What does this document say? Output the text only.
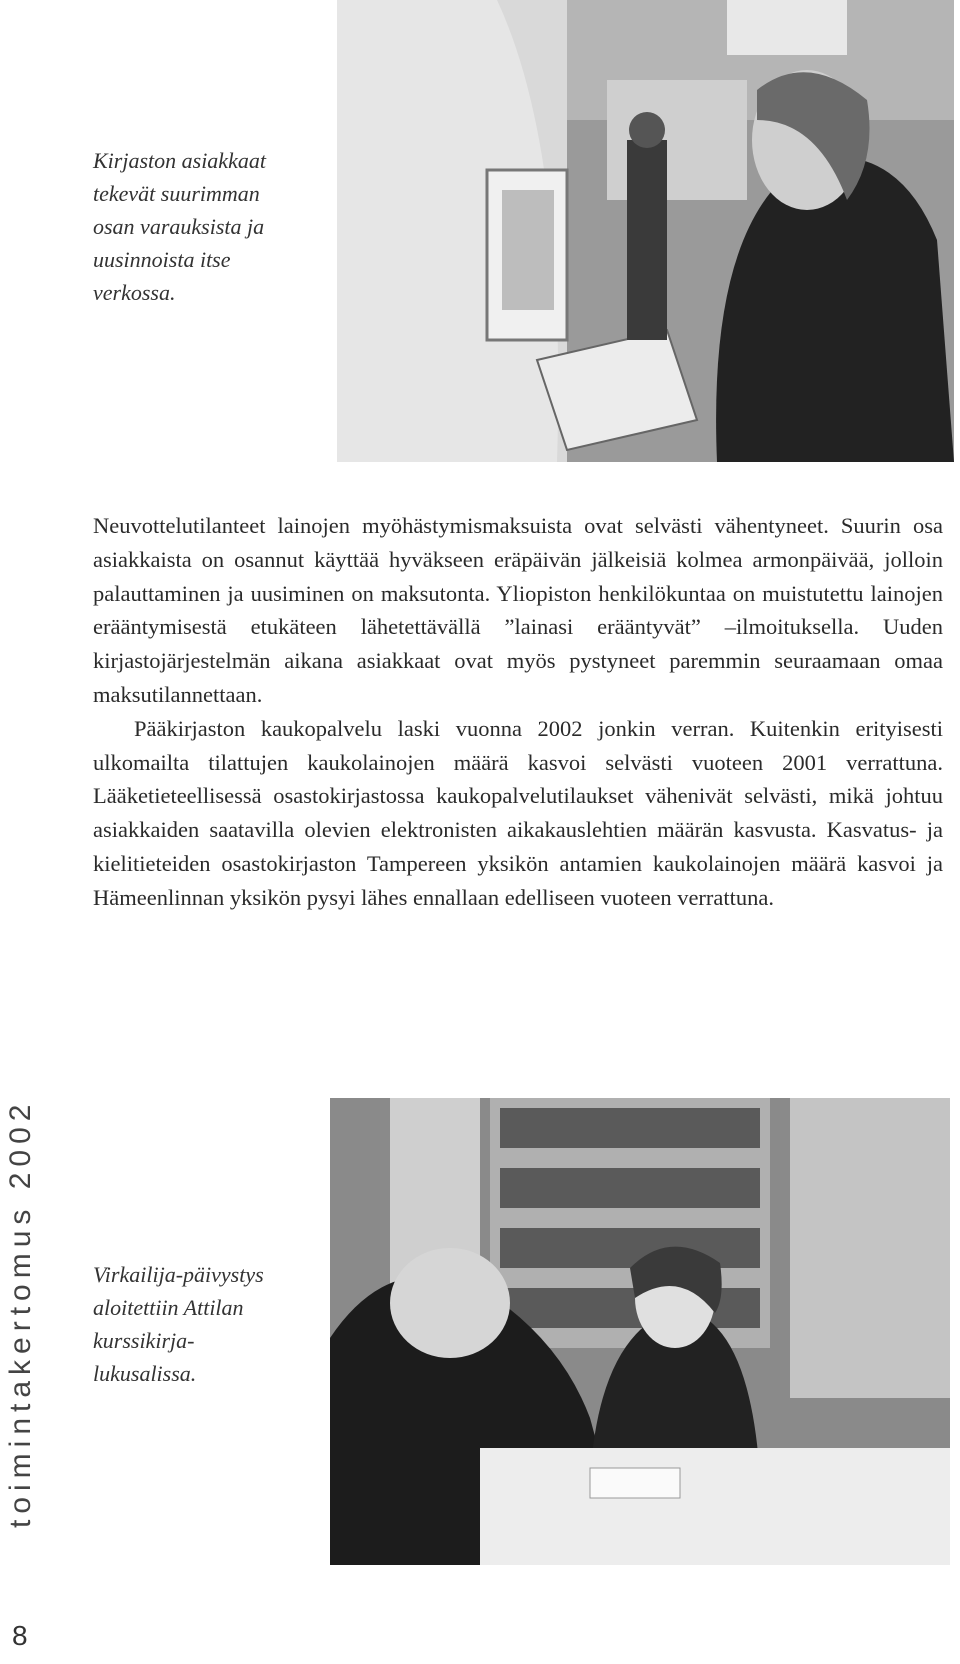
Kirjaston asiakkaat tekevät suurimman osan varauksista ja uusinnoista itse verkossa.

Neuvottelutilanteet lainojen myöhästymismaksuista ovat selvästi vähentyneet. Suurin osa asiakkaista on osannut käyttää hyväkseen eräpäivän jälkeisiä kolmea armonpäivää, jolloin palauttaminen ja uusiminen on maksutonta. Yliopiston henkilökuntaa on muistutettu lainojen erääntymisestä etukäteen lähetettävällä ”lainasi erääntyvät” –ilmoituksella. Uuden kirjastojärjestelmän aikana asiakkaat ovat myös pystyneet paremmin seuraamaan omaa maksutilannettaan.

Pääkirjaston kaukopalvelu laski vuonna 2002 jonkin verran. Kuitenkin erityisesti ulkomailta tilattujen kaukolainojen määrä kasvoi selvästi vuoteen 2001 verrattuna. Lääketieteellisessä osastokirjastossa kaukopalvelutilaukset vähenivät selvästi, mikä johtuu asiakkaiden saatavilla olevien elektronisten aikakauslehtien määrän kasvusta. Kasvatus- ja kielitieteiden osastokirjaston Tampereen yksikön antamien kaukolainojen määrä kasvoi ja Hämeenlinnan yksikön pysyi lähes ennallaan edelliseen vuoteen verrattuna.

Virkailija-päivystys aloitettiin Attilan kurssikirja-lukusalissa.
toimintakertomus 2002
8
